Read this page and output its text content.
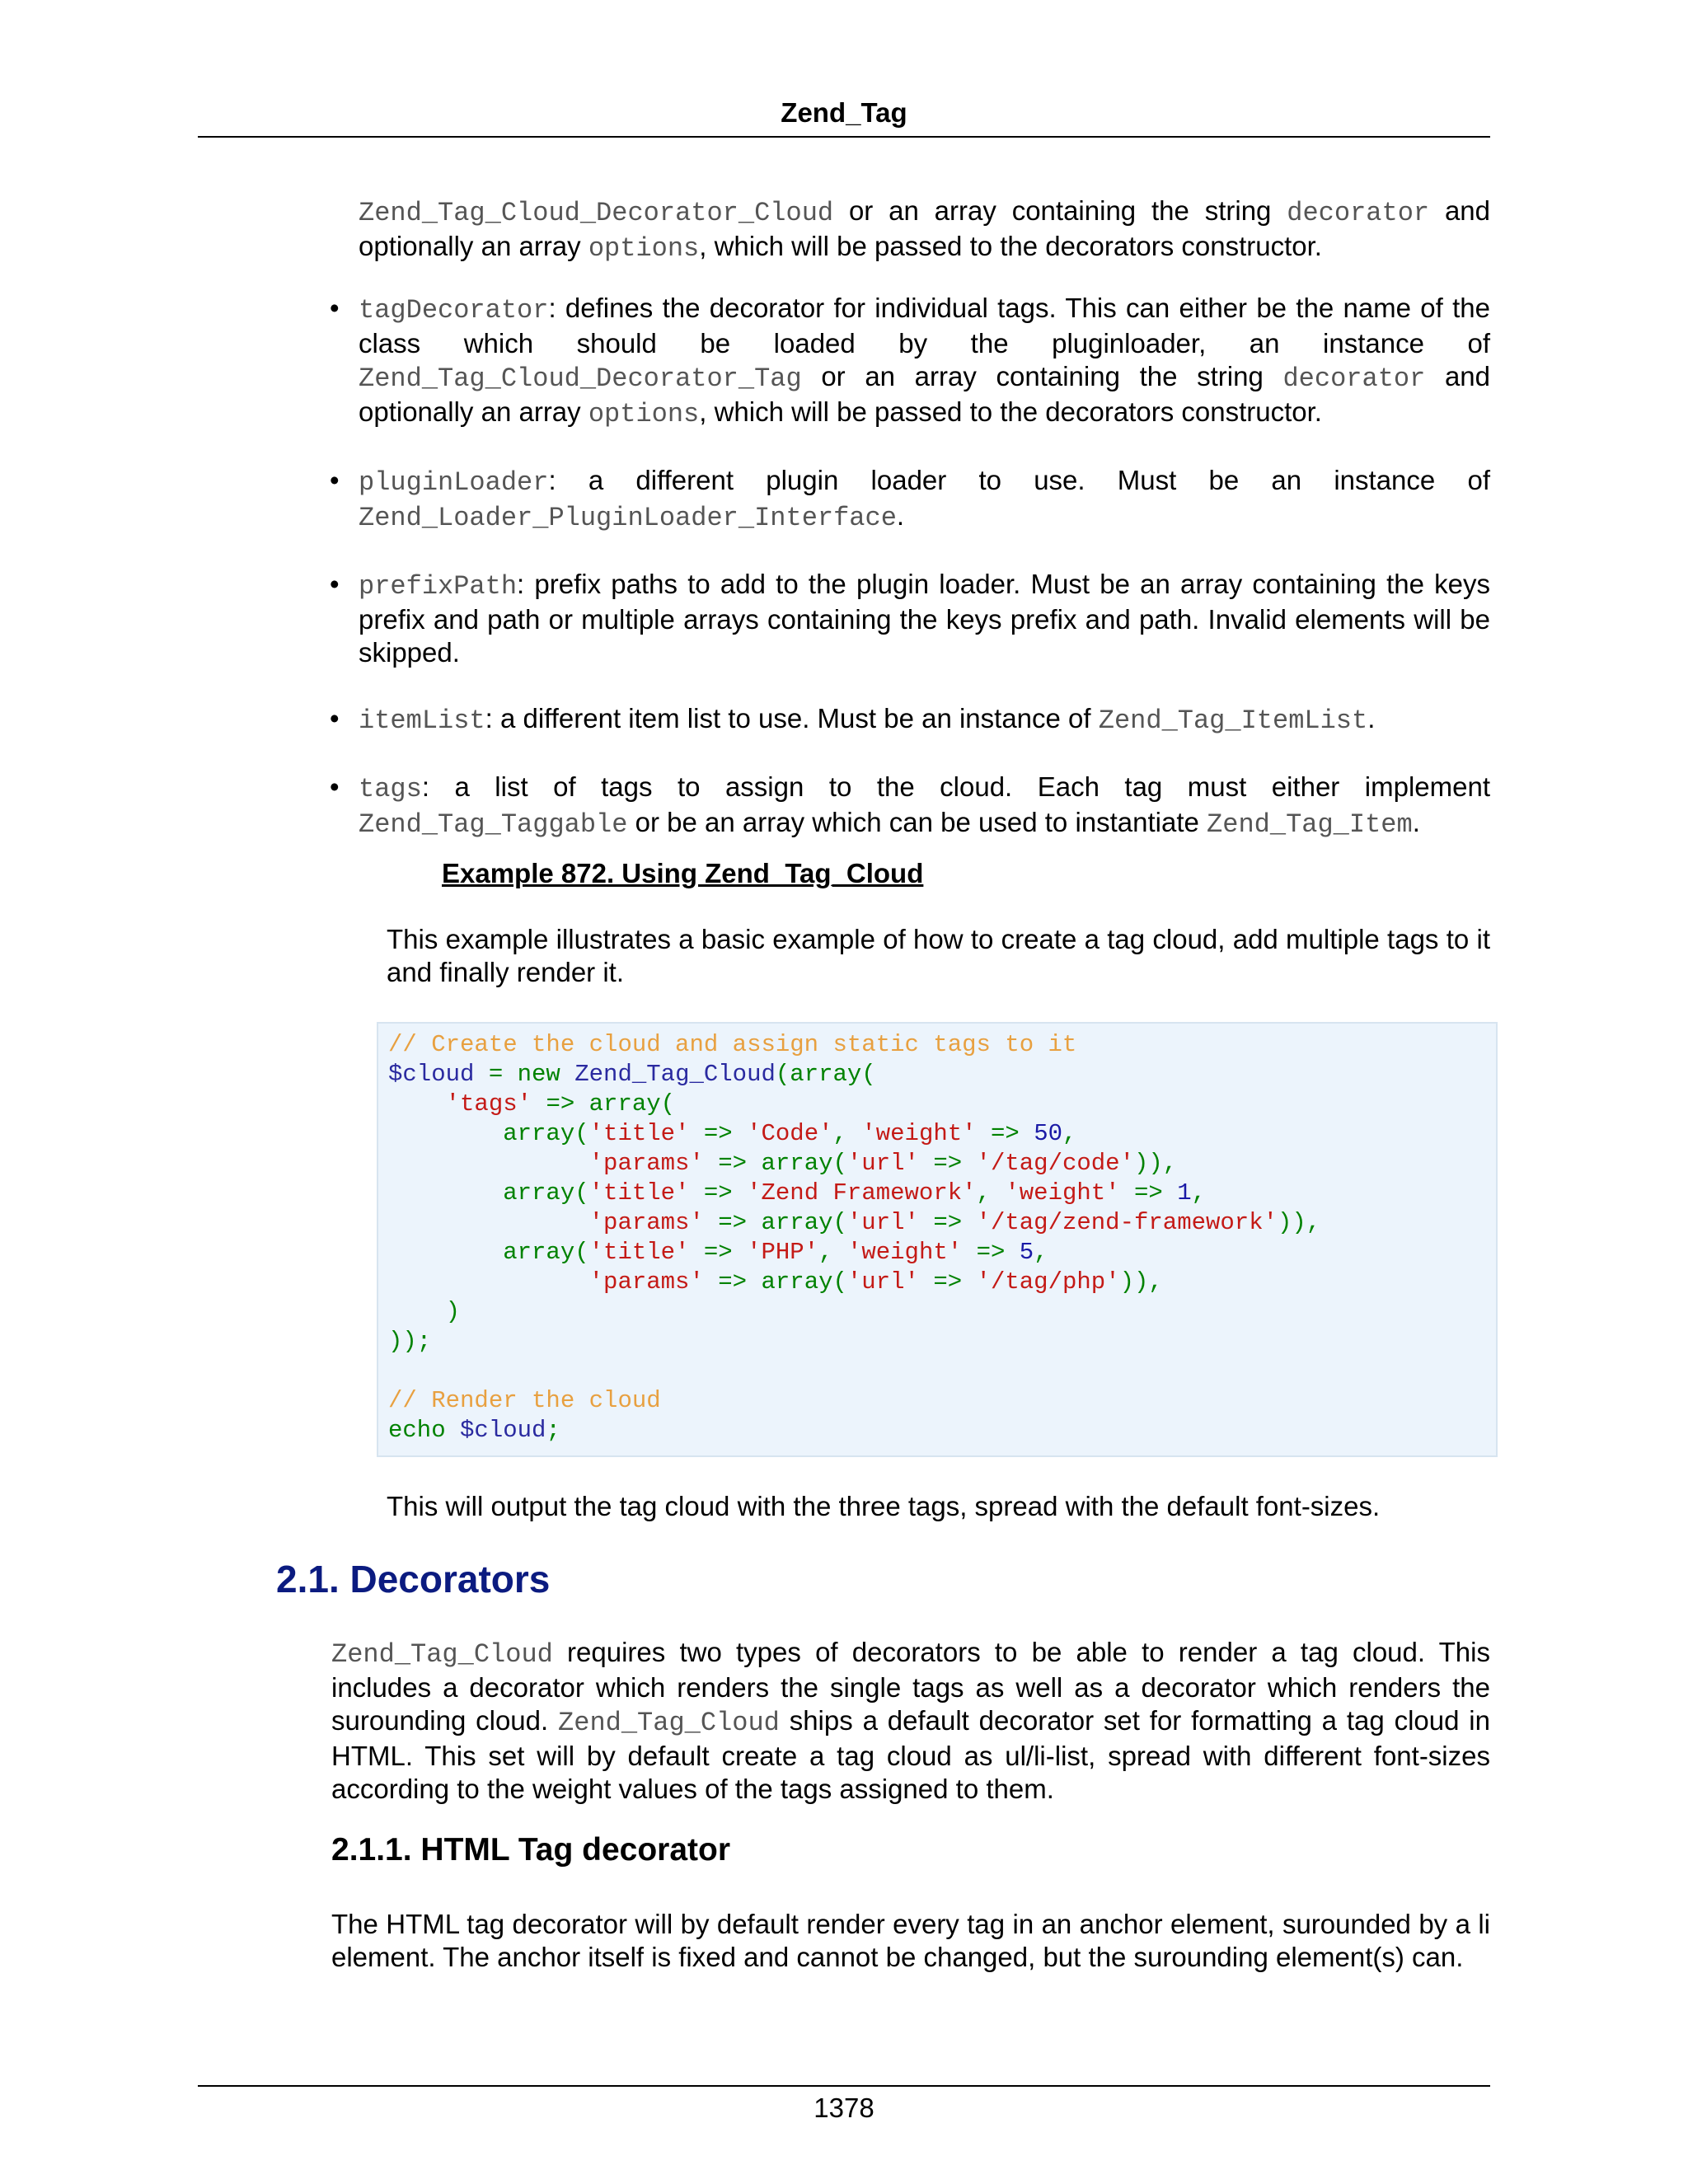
Zend_Tag
Zend_Tag_Cloud_Decorator_Cloud or an array containing the string decorator and optionally an array options, which will be passed to the decorators constructor.
• tagDecorator: defines the decorator for individual tags. This can either be the name of the class which should be loaded by the pluginloader, an instance of Zend_Tag_Cloud_Decorator_Tag or an array containing the string decorator and optionally an array options, which will be passed to the decorators constructor.
• pluginLoader: a different plugin loader to use. Must be an instance of Zend_Loader_PluginLoader_Interface.
• prefixPath: prefix paths to add to the plugin loader. Must be an array containing the keys prefix and path or multiple arrays containing the keys prefix and path. Invalid elements will be skipped.
• itemList: a different item list to use. Must be an instance of Zend_Tag_ItemList.
• tags: a list of tags to assign to the cloud. Each tag must either implement Zend_Tag_Taggable or be an array which can be used to instantiate Zend_Tag_Item.
Example 872. Using Zend_Tag_Cloud
This example illustrates a basic example of how to create a tag cloud, add multiple tags to it and finally render it.
// Create the cloud and assign static tags to it
$cloud = new Zend_Tag_Cloud(array(
'tags' => array(
array('title' => 'Code', 'weight' => 50,
'params' => array('url' => '/tag/code')),
array('title' => 'Zend Framework', 'weight' => 1,
'params' => array('url' => '/tag/zend-framework')),
array('title' => 'PHP', 'weight' => 5,
'params' => array('url' => '/tag/php')),
)
));

// Render the cloud
echo $cloud;
This will output the tag cloud with the three tags, spread with the default font-sizes.
2.1. Decorators
Zend_Tag_Cloud requires two types of decorators to be able to render a tag cloud. This includes a decorator which renders the single tags as well as a decorator which renders the surounding cloud. Zend_Tag_Cloud ships a default decorator set for formatting a tag cloud in HTML. This set will by default create a tag cloud as ul/li-list, spread with different font-sizes according to the weight values of the tags assigned to them.
2.1.1. HTML Tag decorator
The HTML tag decorator will by default render every tag in an anchor element, surounded by a li element. The anchor itself is fixed and cannot be changed, but the surounding element(s) can.
1378
